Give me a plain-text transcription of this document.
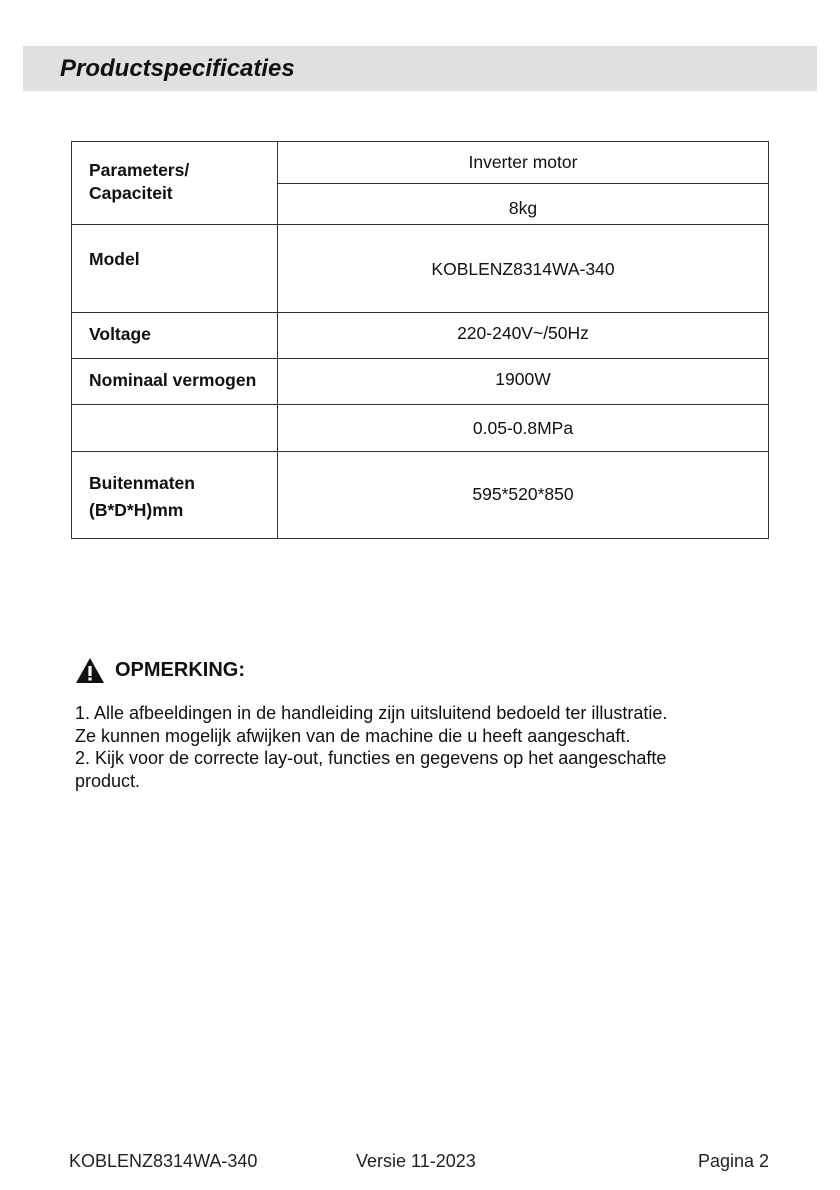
Productspecificaties
Parameters/
Capaciteit	Inverter motor

	8kg

Model	KOBLENZ8314WA-340

Voltage	220-240V~/50Hz

Nominaal vermogen	1900W

	0.05-0.8MPa

Buitenmaten
(B*D*H)mm	595*520*850
OPMERKING:

1. Alle afbeeldingen in de handleiding zijn uitsluitend bedoeld ter illustratie.

Ze kunnen mogelijk afwijken van de machine die u heeft aangeschaft.

2. Kijk voor de correcte lay-out, functies en gegevens op het aangeschafte

product.

KOBLENZ8314WA-340	Versie 11-2023	Pagina 2
